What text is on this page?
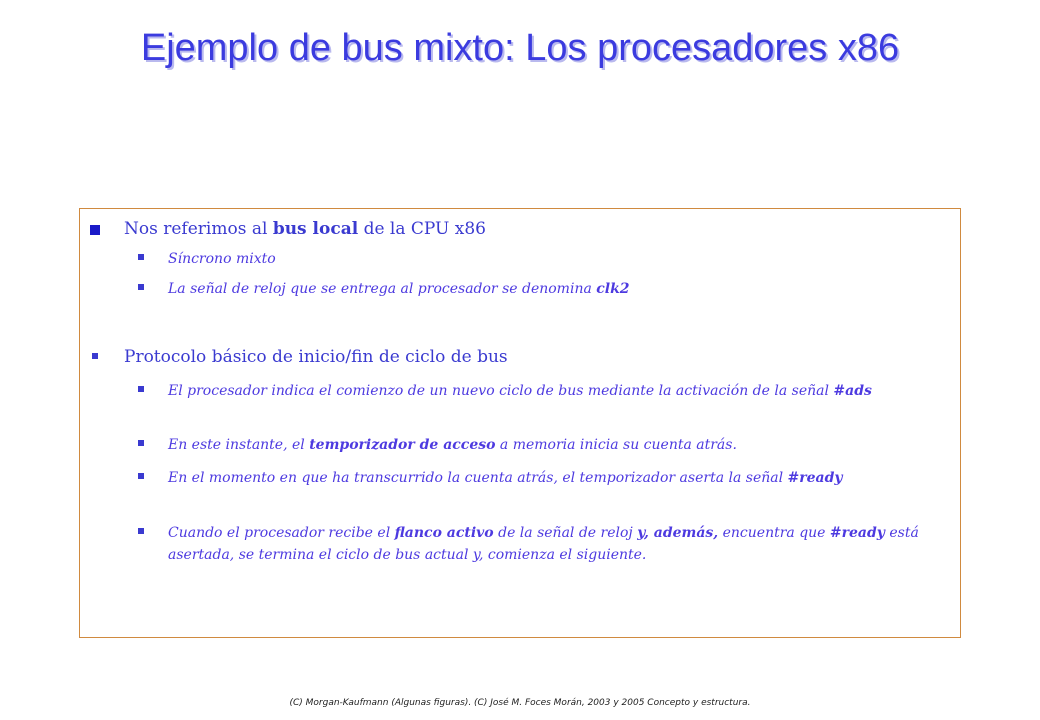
Ejemplo de bus mixto: Los procesadores x86
Nos referimos al bus local de la CPU x86
Síncrono mixto
La señal de reloj que se entrega al procesador se denomina clk2
Protocolo básico de inicio/fin de ciclo de bus
El procesador indica el comienzo de un nuevo ciclo de bus mediante la activación de la señal #ads
En este instante, el temporizador de acceso a memoria inicia su cuenta atrás.
En el momento en que ha transcurrido la cuenta atrás, el temporizador aserta la señal #ready
Cuando el procesador recibe el flanco activo de la señal de reloj y, además, encuentra que #ready está asertada, se termina el ciclo de bus actual y, comienza el siguiente.
(C) Morgan-Kaufmann (Algunas figuras). (C) José M. Foces Morán, 2003 y 2005 Concepto y estructura.
